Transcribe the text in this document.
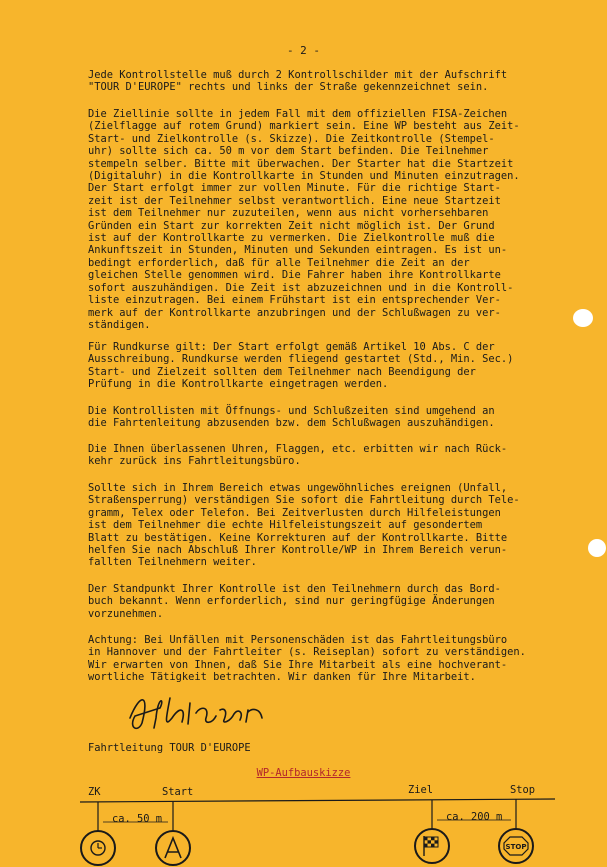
- 2 -
Jede Kontrollstelle muß durch 2 Kontrollschilder mit der Aufschrift
"TOUR D'EUROPE" rechts und links der Straße gekennzeichnet sein.
Die Ziellinie sollte in jedem Fall mit dem offiziellen FISA-Zeichen
(Zielflagge auf rotem Grund) markiert sein. Eine WP besteht aus Zeit-
Start- und Zielkontrolle (s. Skizze). Die Zeitkontrolle (Stempel-
uhr) sollte sich ca. 50 m vor dem Start befinden. Die Teilnehmer
stempeln selber. Bitte mit überwachen. Der Starter hat die Startzeit
(Digitaluhr) in die Kontrollkarte in Stunden und Minuten einzutragen.
Der Start erfolgt immer zur vollen Minute. Für die richtige Start-
zeit ist der Teilnehmer selbst verantwortlich. Eine neue Startzeit
ist dem Teilnehmer nur zuzuteilen, wenn aus nicht vorhersehbaren
Gründen ein Start zur korrekten Zeit nicht möglich ist. Der Grund
ist auf der Kontrollkarte zu vermerken. Die Zielkontrolle muß die
Ankunftszeit in Stunden, Minuten und Sekunden eintragen. Es ist un-
bedingt erforderlich, daß für alle Teilnehmer die Zeit an der
gleichen Stelle genommen wird. Die Fahrer haben ihre Kontrollkarte
sofort auszuhändigen. Die Zeit ist abzuzeichnen und in die Kontroll-
liste einzutragen. Bei einem Frühstart ist ein entsprechender Ver-
merk auf der Kontrollkarte anzubringen und der Schlußwagen zu ver-
ständigen.
Für Rundkurse gilt: Der Start erfolgt gemäß Artikel 10 Abs. C der
Ausschreibung. Rundkurse werden fliegend gestartet (Std., Min. Sec.)
Start- und Zielzeit sollten dem Teilnehmer nach Beendigung der
Prüfung in die Kontrollkarte eingetragen werden.
Die Kontrollisten mit Öffnungs- und Schlußzeiten sind umgehend an
die Fahrtenleitung abzusenden bzw. dem Schlußwagen auszuhändigen.
Die Ihnen überlassenen Uhren, Flaggen, etc. erbitten wir nach Rück-
kehr zurück ins Fahrtleitungsbüro.
Sollte sich in Ihrem Bereich etwas ungewöhnliches ereignen (Unfall,
Straßensperrung) verständigen Sie sofort die Fahrtleitung durch Tele-
gramm, Telex oder Telefon. Bei Zeitverlusten durch Hilfeleistungen
ist dem Teilnehmer die echte Hilfeleistungszeit auf gesondertem
Blatt zu bestätigen. Keine Korrekturen auf der Kontrollkarte. Bitte
helfen Sie nach Abschluß Ihrer Kontrolle/WP in Ihrem Bereich verun-
fallten Teilnehmern weiter.
Der Standpunkt Ihrer Kontrolle ist den Teilnehmern durch das Bord-
buch bekannt. Wenn erforderlich, sind nur geringfügige Änderungen
vorzunehmen.
Achtung: Bei Unfällen mit Personenschäden ist das Fahrtleitungsbüro
in Hannover und der Fahrtleiter (s. Reiseplan) sofort zu verständigen.
Wir erwarten von Ihnen, daß Sie Ihre Mitarbeit als eine hochverant-
wortliche Tätigkeit betrachten. Wir danken für Ihre Mitarbeit.
Fahrtleitung TOUR D'EUROPE
WP-Aufbauskizze
ZK	Start	Ziel	Stop
ca. 50 m	ca. 200 m
STOP
